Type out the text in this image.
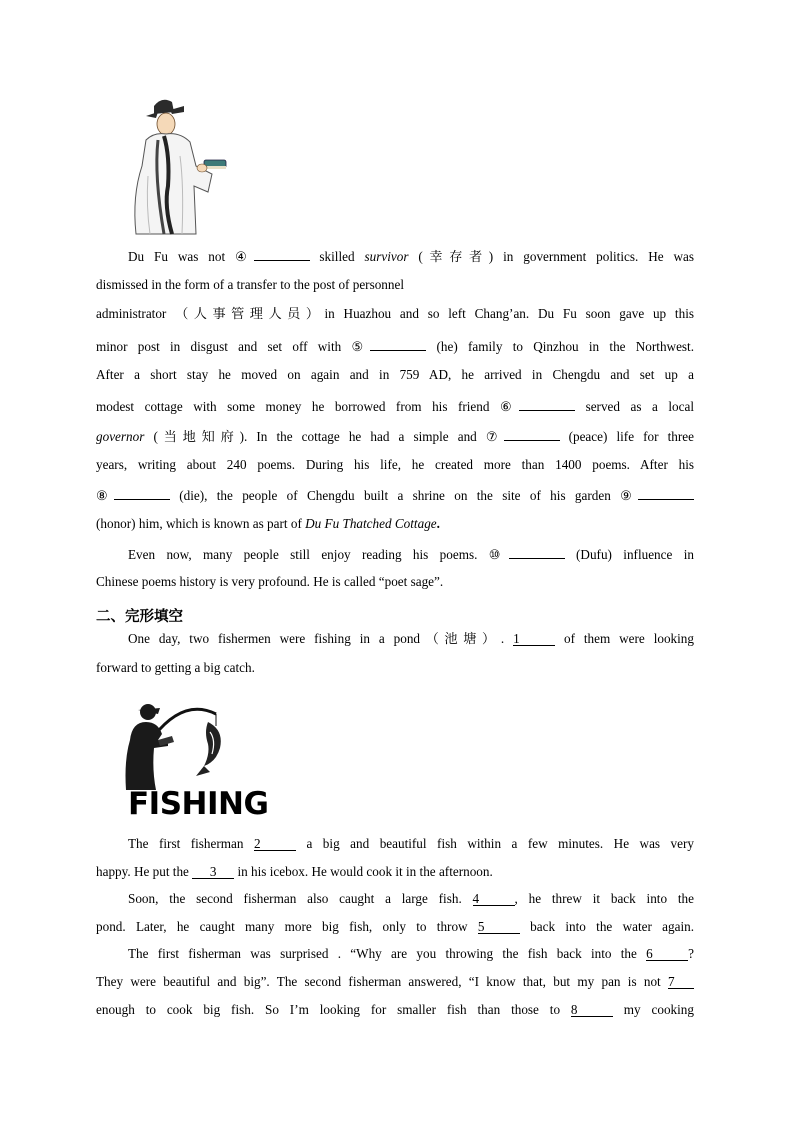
Du Fu was not ④	skilled survivor (幸存者) in government politics. He was
dismissed in the form of a transfer to the post of personnel
administrator （人事管理人员）in Huazhou and so left Chang’an. Du Fu soon gave up this
minor post in disgust and set off with ⑤	(he) family to Qinzhou in the Northwest.
After a short stay he moved on again and in 759 AD, he arrived in Chengdu and set up a
modest cottage with some money he borrowed from his friend ⑥	served as a local
governor (当地知府). In the cottage he had a simple and ⑦	(peace) life for three
years, writing about 240 poems. During his life, he created more than 1400 poems. After his
⑧	(die), the people of Chengdu built a shrine on the site of his garden ⑨
(honor) him, which is known as part of Du Fu Thatched Cottage.
Even now, many people still enjoy reading his poems. ⑩	(Dufu) influence in
Chinese poems history is very profound. He is called “poet sage”.
二、完形填空
One day, two fishermen were fishing in a pond（池塘）. 1	of them were looking
forward to getting a big catch.
FISHING
The first fisherman 2	a big and beautiful fish within a few minutes. He was very
happy. He put the 3 in his icebox. He would cook it in the afternoon.
Soon, the second fisherman also caught a large fish. 4	, he threw it back into the
pond. Later, he caught many more big fish, only to throw 5	back into the water again.
The first fisherman was surprised . “Why are you throwing the fish back into the 6	?
They were beautiful and big”. The second fisherman answered, “I know that, but my pan is not 7
enough to cook big fish. So I’m looking for smaller fish than those to 8	my cooking
